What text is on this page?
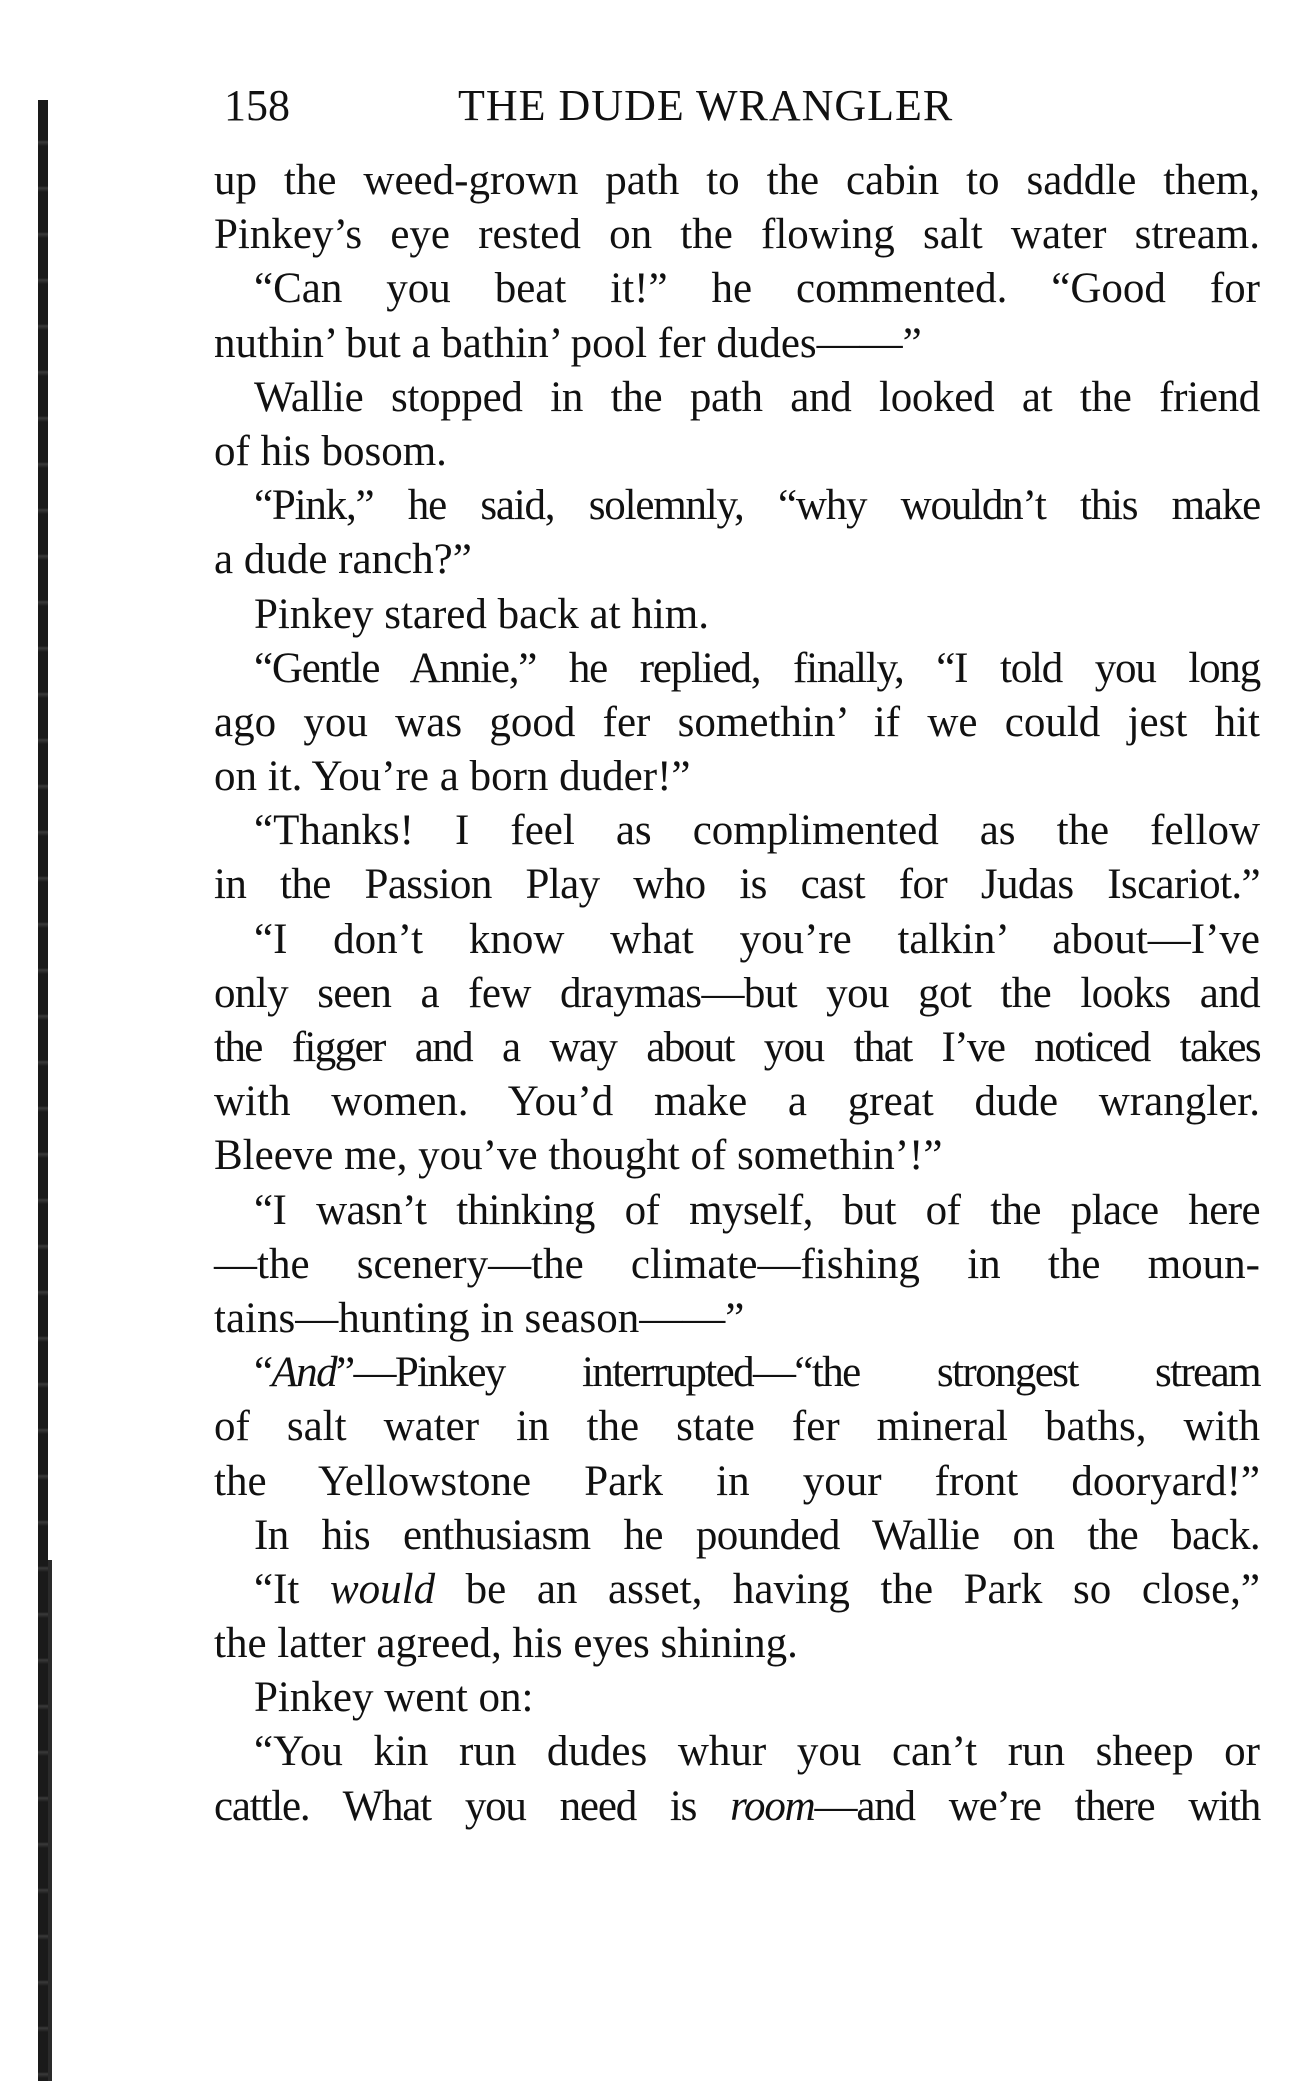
158	THE DUDE WRANGLER
up the weed-grown path to the cabin to saddle them,
Pinkey’s eye rested on the flowing salt water stream.
“Can you beat it!” he commented. “Good for
nuthin’ but a bathin’ pool fer dudes——”
Wallie stopped in the path and looked at the friend
of his bosom.
“Pink,” he said, solemnly, “why wouldn’t this make
a dude ranch?”
Pinkey stared back at him.
“Gentle Annie,” he replied, finally, “I told you long
ago you was good fer somethin’ if we could jest hit
on it. You’re a born duder!”
“Thanks! I feel as complimented as the fellow
in the Passion Play who is cast for Judas Iscariot.”
“I don’t know what you’re talkin’ about—I’ve
only seen a few draymas—but you got the looks and
the figger and a way about you that I’ve noticed takes
with women. You’d make a great dude wrangler.
Bleeve me, you’ve thought of somethin’!”
“I wasn’t thinking of myself, but of the place here
—the scenery—the climate—fishing in the moun-
tains—hunting in season——”
“And”—Pinkey interrupted—“the strongest stream
of salt water in the state fer mineral baths, with
the Yellowstone Park in your front dooryard!”
In his enthusiasm he pounded Wallie on the back.
“It would be an asset, having the Park so close,”
the latter agreed, his eyes shining.
Pinkey went on:
“You kin run dudes whur you can’t run sheep or
cattle. What you need is room—and we’re there with
